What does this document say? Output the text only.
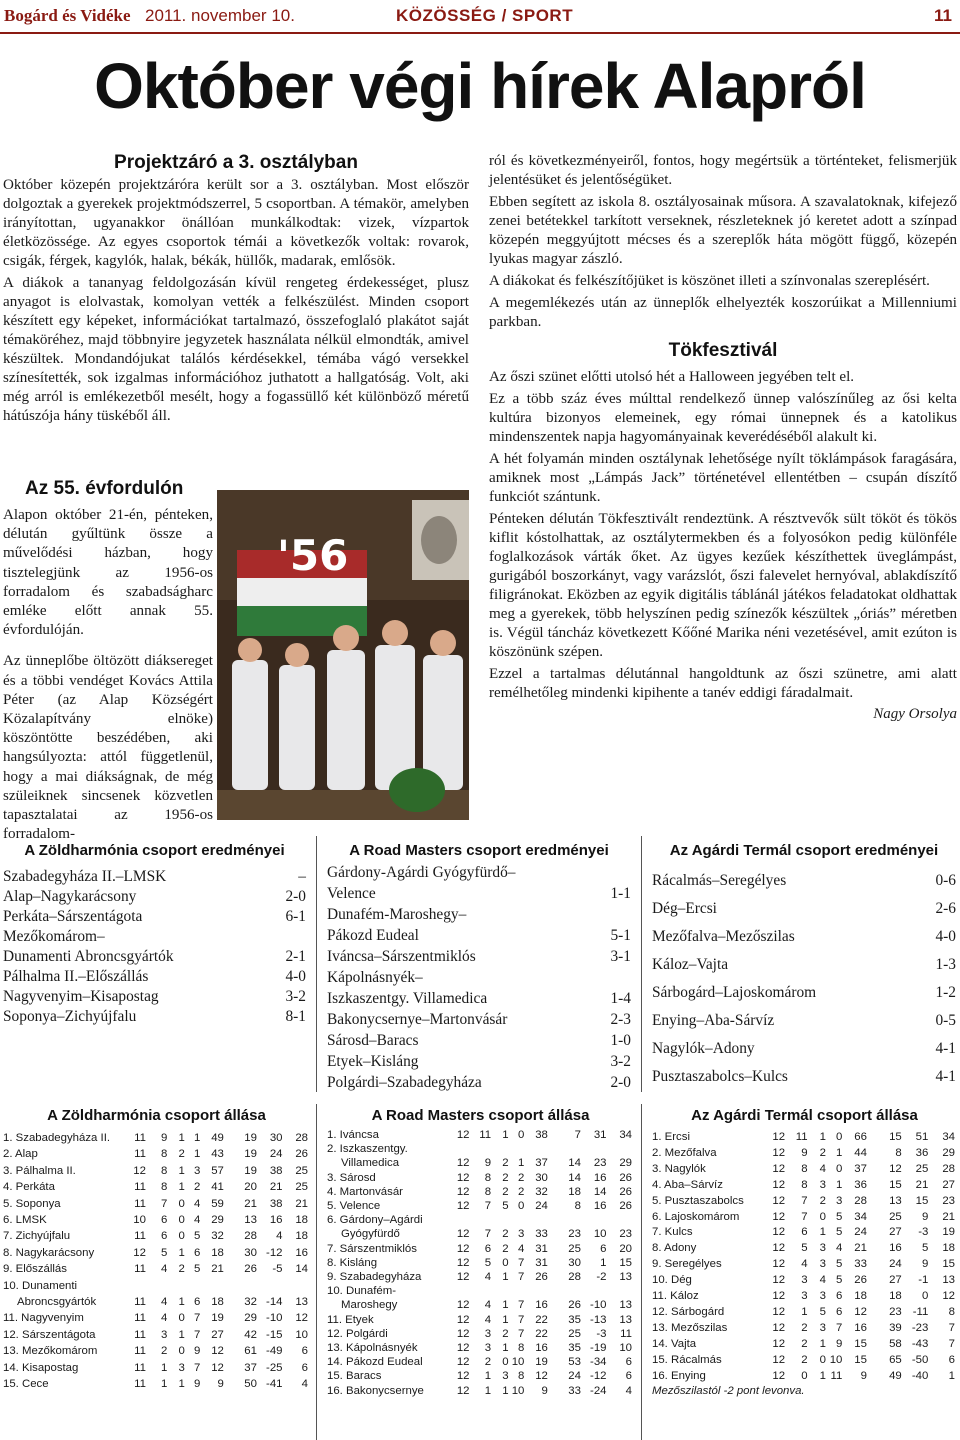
Bogárd és Vidéke 2011. november 10.	KÖZÖSSÉG / SPORT	11
Október végi hírek Alapról
Projektzáró a 3. osztályban

Október közepén projektzáróra került sor a 3. osztályban. Most először dolgoztak a gyerekek projektmódszerrel, 5 csoportban. A témakör, amelyben irányítottan, ugyanakkor önállóan munkálkodtak: vizek, vízpartok életközössége. Az egyes csoportok témái a következők voltak: rovarok, csigák, férgek, kagylók, halak, békák, hüllők, madarak, emlősök.

A diákok a tananyag feldolgozásán kívül rengeteg érdekességet, plusz anyagot is elolvastak, komolyan vették a felkészülést. Minden csoport készített egy képeket, információkat tartalmazó, összefoglaló plakátot saját témaköréhez, majd többnyire jegyzetek használata nélkül elmondták, amivel készültek. Mondandójukat találós kérdésekkel, témába vágó versekkel színesítették, sok izgalmas információhoz juthatott a hallgatóság. Volt, aki még arról is emlékezetből mesélt, hogy a fogassüllő két különböző méretű hátúszója hány tüskéből áll.

Az 55. évfordulón

Alapon október 21-én, pénteken, délután gyűltünk össze a művelődési házban, hogy tisztelegjünk az 1956-os forradalom és szabadságharc emléke előtt annak 55. évfordulóján.

Az ünneplőbe öltözött diáksereget és a többi vendéget Kovács Attila Péter (az Alap Községért Közalapítvány elnöke) köszöntötte beszédében, aki hangsúlyozta: attól függetlenül, hogy a mai diákságnak, de még szüleiknek sincsenek közvetlen tapasztalatai az 1956-os forradalom-

'56

ról és következményeiről, fontos, hogy megértsük a történteket, felismerjük jelentésüket és jelentőségüket.

Ebben segített az iskola 8. osztályosainak műsora. A szavalatoknak, kifejező zenei betétekkel tarkított verseknek, részleteknek jó keretet adott a színpad közepén meggyújtott mécses és a szereplők háta mögött függő, közepén lyukas magyar zászló.

A diákokat és felkészítőjüket is köszönet illeti a színvonalas szereplésért.

A megemlékezés után az ünneplők elhelyezték koszorúikat a Millenniumi parkban.

Tökfesztivál

Az őszi szünet előtti utolsó hét a Halloween jegyében telt el.

Ez a több száz éves múlttal rendelkező ünnep valószínűleg az ősi kelta kultúra bizonyos elemeinek, egy római ünnepnek és a katolikus mindenszentek napja hagyományainak keverédéséből alakult ki.

A hét folyamán minden osztálynak lehetősége nyílt töklámpások faragására, amiknek most „Lámpás Jack” történetével ellentétben – csupán díszítő funkciót szántunk.

Pénteken délután Tökfesztivált rendeztünk. A résztvevők sült tököt és tökös kiflit kóstolhattak, az osztálytermekben és a folyosókon pedig különféle foglalkozások várták őket. Az ügyes kezűek készíthettek üveglámpást, gurigából boszorkányt, vagy varázslót, őszi falevelet hernyóval, ablakdíszítő filigránokat. Eközben az egyik digitális táblánál játékos feladatokat oldhattak meg a gyerekek, több helyszínen pedig színezők készültek „óriás” méretben is. Végül táncház következett Kőőné Marika néni vezetésével, amit ezúton is köszönünk szépen.

Ezzel a tartalmas délutánnal hangoldtunk az őszi szünetre, ami alatt remélhetőleg mindenki kipihente a tanév eddigi fáradalmait.

Nagy Orsolya
A Zöldharmónia csoport eredményei
Szabadegyháza II.–LMSK	–
Alap–Nagykarácsony	2-0
Perkáta–Sárszentágota	6-1
Mezőkomárom–	
Dunamenti Abroncsgyártók	2-1
Pálhalma II.–Előszállás	4-0
Nagyvenyim–Kisapostag	3-2
Soponya–Zichyújfalu	8-1
A Road Masters csoport eredményei
Gárdony-Agárdi Gyógyfürdő–	
Velence	1-1
Dunafém-Maroshegy–	
Pákozd Eudeal	5-1
Iváncsa–Sárszentmiklós	3-1
Kápolnásnyék–	
Iszkaszentgy. Villamedica	1-4
Bakonycsernye–Martonvásár	2-3
Sárosd–Baracs	1-0
Etyek–Kisláng	3-2
Polgárdi–Szabadegyháza	2-0
Az Agárdi Termál csoport eredményei
Rácalmás–Seregélyes	0-6
Dég–Ercsi	2-6
Mezőfalva–Mezőszilas	4-0
Káloz–Vajta	1-3
Sárbogárd–Lajoskomárom	1-2
Enying–Aba-Sárvíz	0-5
Nagylók–Adony	4-1
Pusztaszabolcs–Kulcs	4-1
A Zöldharmónia csoport állása
1. Szabadegyháza II.	11	9	1	1	49	19	30	28
2. Alap	11	8	2	1	43	19	24	26
3. Pálhalma II.	12	8	1	3	57	19	38	25
4. Perkáta	11	8	1	2	41	20	21	25
5. Soponya	11	7	0	4	59	21	38	21
6. LMSK	10	6	0	4	29	13	16	18
7. Zichyújfalu	11	6	0	5	32	28	4	18
8. Nagykarácsony	12	5	1	6	18	30	-12	16
9. Előszállás	11	4	2	5	21	26	-5	14
10. Dunamenti								
Abroncsgyártók	11	4	1	6	18	32	-14	13
11. Nagyvenyim	11	4	0	7	19	29	-10	12
12. Sárszentágota	11	3	1	7	27	42	-15	10
13. Mezőkomárom	11	2	0	9	12	61	-49	6
14. Kisapostag	11	1	3	7	12	37	-25	6
15. Cece	11	1	1	9	9	50	-41	4
A Road Masters csoport állása
1. Iváncsa	12	11	1	0	38	7	31	34
2. Iszkaszentgy.								
Villamedica	12	9	2	1	37	14	23	29
3. Sárosd	12	8	2	2	30	14	16	26
4. Martonvásár	12	8	2	2	32	18	14	26
5. Velence	12	7	5	0	24	8	16	26
6. Gárdony–Agárdi								
Gyógyfürdő	12	7	2	3	33	23	10	23
7. Sárszentmiklós	12	6	2	4	31	25	6	20
8. Kisláng	12	5	0	7	31	30	1	15
9. Szabadegyháza	12	4	1	7	26	28	-2	13
10. Dunafém-								
Maroshegy	12	4	1	7	16	26	-10	13
11. Etyek	12	4	1	7	22	35	-13	13
12. Polgárdi	12	3	2	7	22	25	-3	11
13. Kápolnásnyék	12	3	1	8	16	35	-19	10
14. Pákozd Eudeal	12	2	0	10	19	53	-34	6
15. Baracs	12	1	3	8	12	24	-12	6
16. Bakonycsernye	12	1	1	10	9	33	-24	4
Az Agárdi Termál csoport állása
1. Ercsi	12	11	1	0	66	15	51	34
2. Mezőfalva	12	9	2	1	44	8	36	29
3. Nagylók	12	8	4	0	37	12	25	28
4. Aba–Sárvíz	12	8	3	1	36	15	21	27
5. Pusztaszabolcs	12	7	2	3	28	13	15	23
6. Lajoskomárom	12	7	0	5	34	25	9	21
7. Kulcs	12	6	1	5	24	27	-3	19
8. Adony	12	5	3	4	21	16	5	18
9. Seregélyes	12	4	3	5	33	24	9	15
10. Dég	12	3	4	5	26	27	-1	13
11. Káloz	12	3	3	6	18	18	0	12
12. Sárbogárd	12	1	5	6	12	23	-11	8
13. Mezőszilas	12	2	3	7	16	39	-23	7
14. Vajta	12	2	1	9	15	58	-43	7
15. Rácalmás	12	2	0	10	15	65	-50	6
16. Enying	12	0	1	11	9	49	-40	1
Mezőszilastól -2 pont levonva.
